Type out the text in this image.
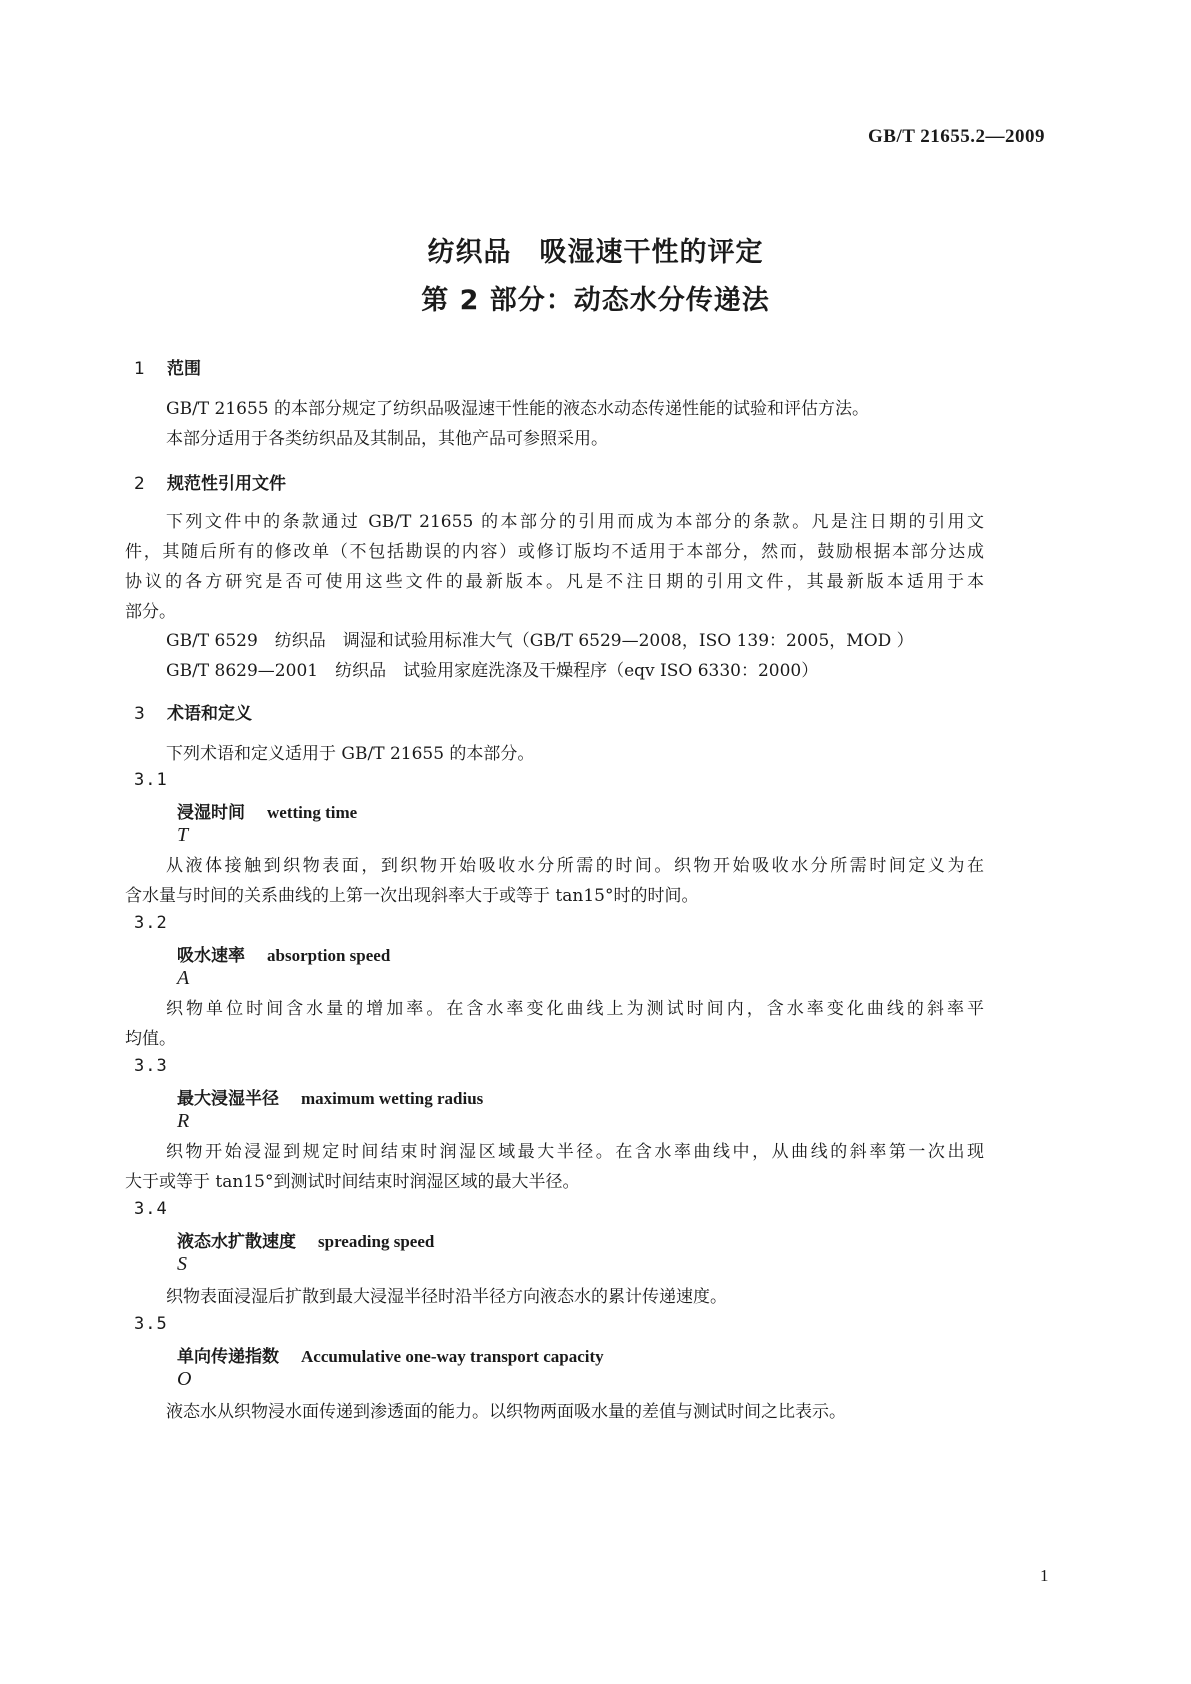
GB/T 21655.2—2009
纺织品　吸湿速干性的评定
第 2 部分：动态水分传递法
1 范围
GB/T 21655 的本部分规定了纺织品吸湿速干性能的液态水动态传递性能的试验和评估方法。
本部分适用于各类纺织品及其制品，其他产品可参照采用。
2 规范性引用文件
下列文件中的条款通过 GB/T 21655 的本部分的引用而成为本部分的条款。凡是注日期的引用文
件，其随后所有的修改单（不包括勘误的内容）或修订版均不适用于本部分，然而，鼓励根据本部分达成
协议的各方研究是否可使用这些文件的最新版本。凡是不注日期的引用文件，其最新版本适用于本
部分。
GB/T 6529　纺织品　调湿和试验用标准大气（GB/T 6529—2008，ISO 139：2005，MOD ）
GB/T 8629—2001　纺织品　试验用家庭洗涤及干燥程序（eqv ISO 6330：2000）
3 术语和定义
下列术语和定义适用于 GB/T 21655 的本部分。
3.1
浸湿时间 wetting time
T
从液体接触到织物表面，到织物开始吸收水分所需的时间。织物开始吸收水分所需时间定义为在
含水量与时间的关系曲线的上第一次出现斜率大于或等于 tan15°时的时间。
3.2
吸水速率 absorption speed
A
织物单位时间含水量的增加率。在含水率变化曲线上为测试时间内，含水率变化曲线的斜率平
均值。
3.3
最大浸湿半径 maximum wetting radius
R
织物开始浸湿到规定时间结束时润湿区域最大半径。在含水率曲线中，从曲线的斜率第一次出现
大于或等于 tan15°到测试时间结束时润湿区域的最大半径。
3.4
液态水扩散速度 spreading speed
S
织物表面浸湿后扩散到最大浸湿半径时沿半径方向液态水的累计传递速度。
3.5
单向传递指数 Accumulative one-way transport capacity
O
液态水从织物浸水面传递到渗透面的能力。以织物两面吸水量的差值与测试时间之比表示。
1
